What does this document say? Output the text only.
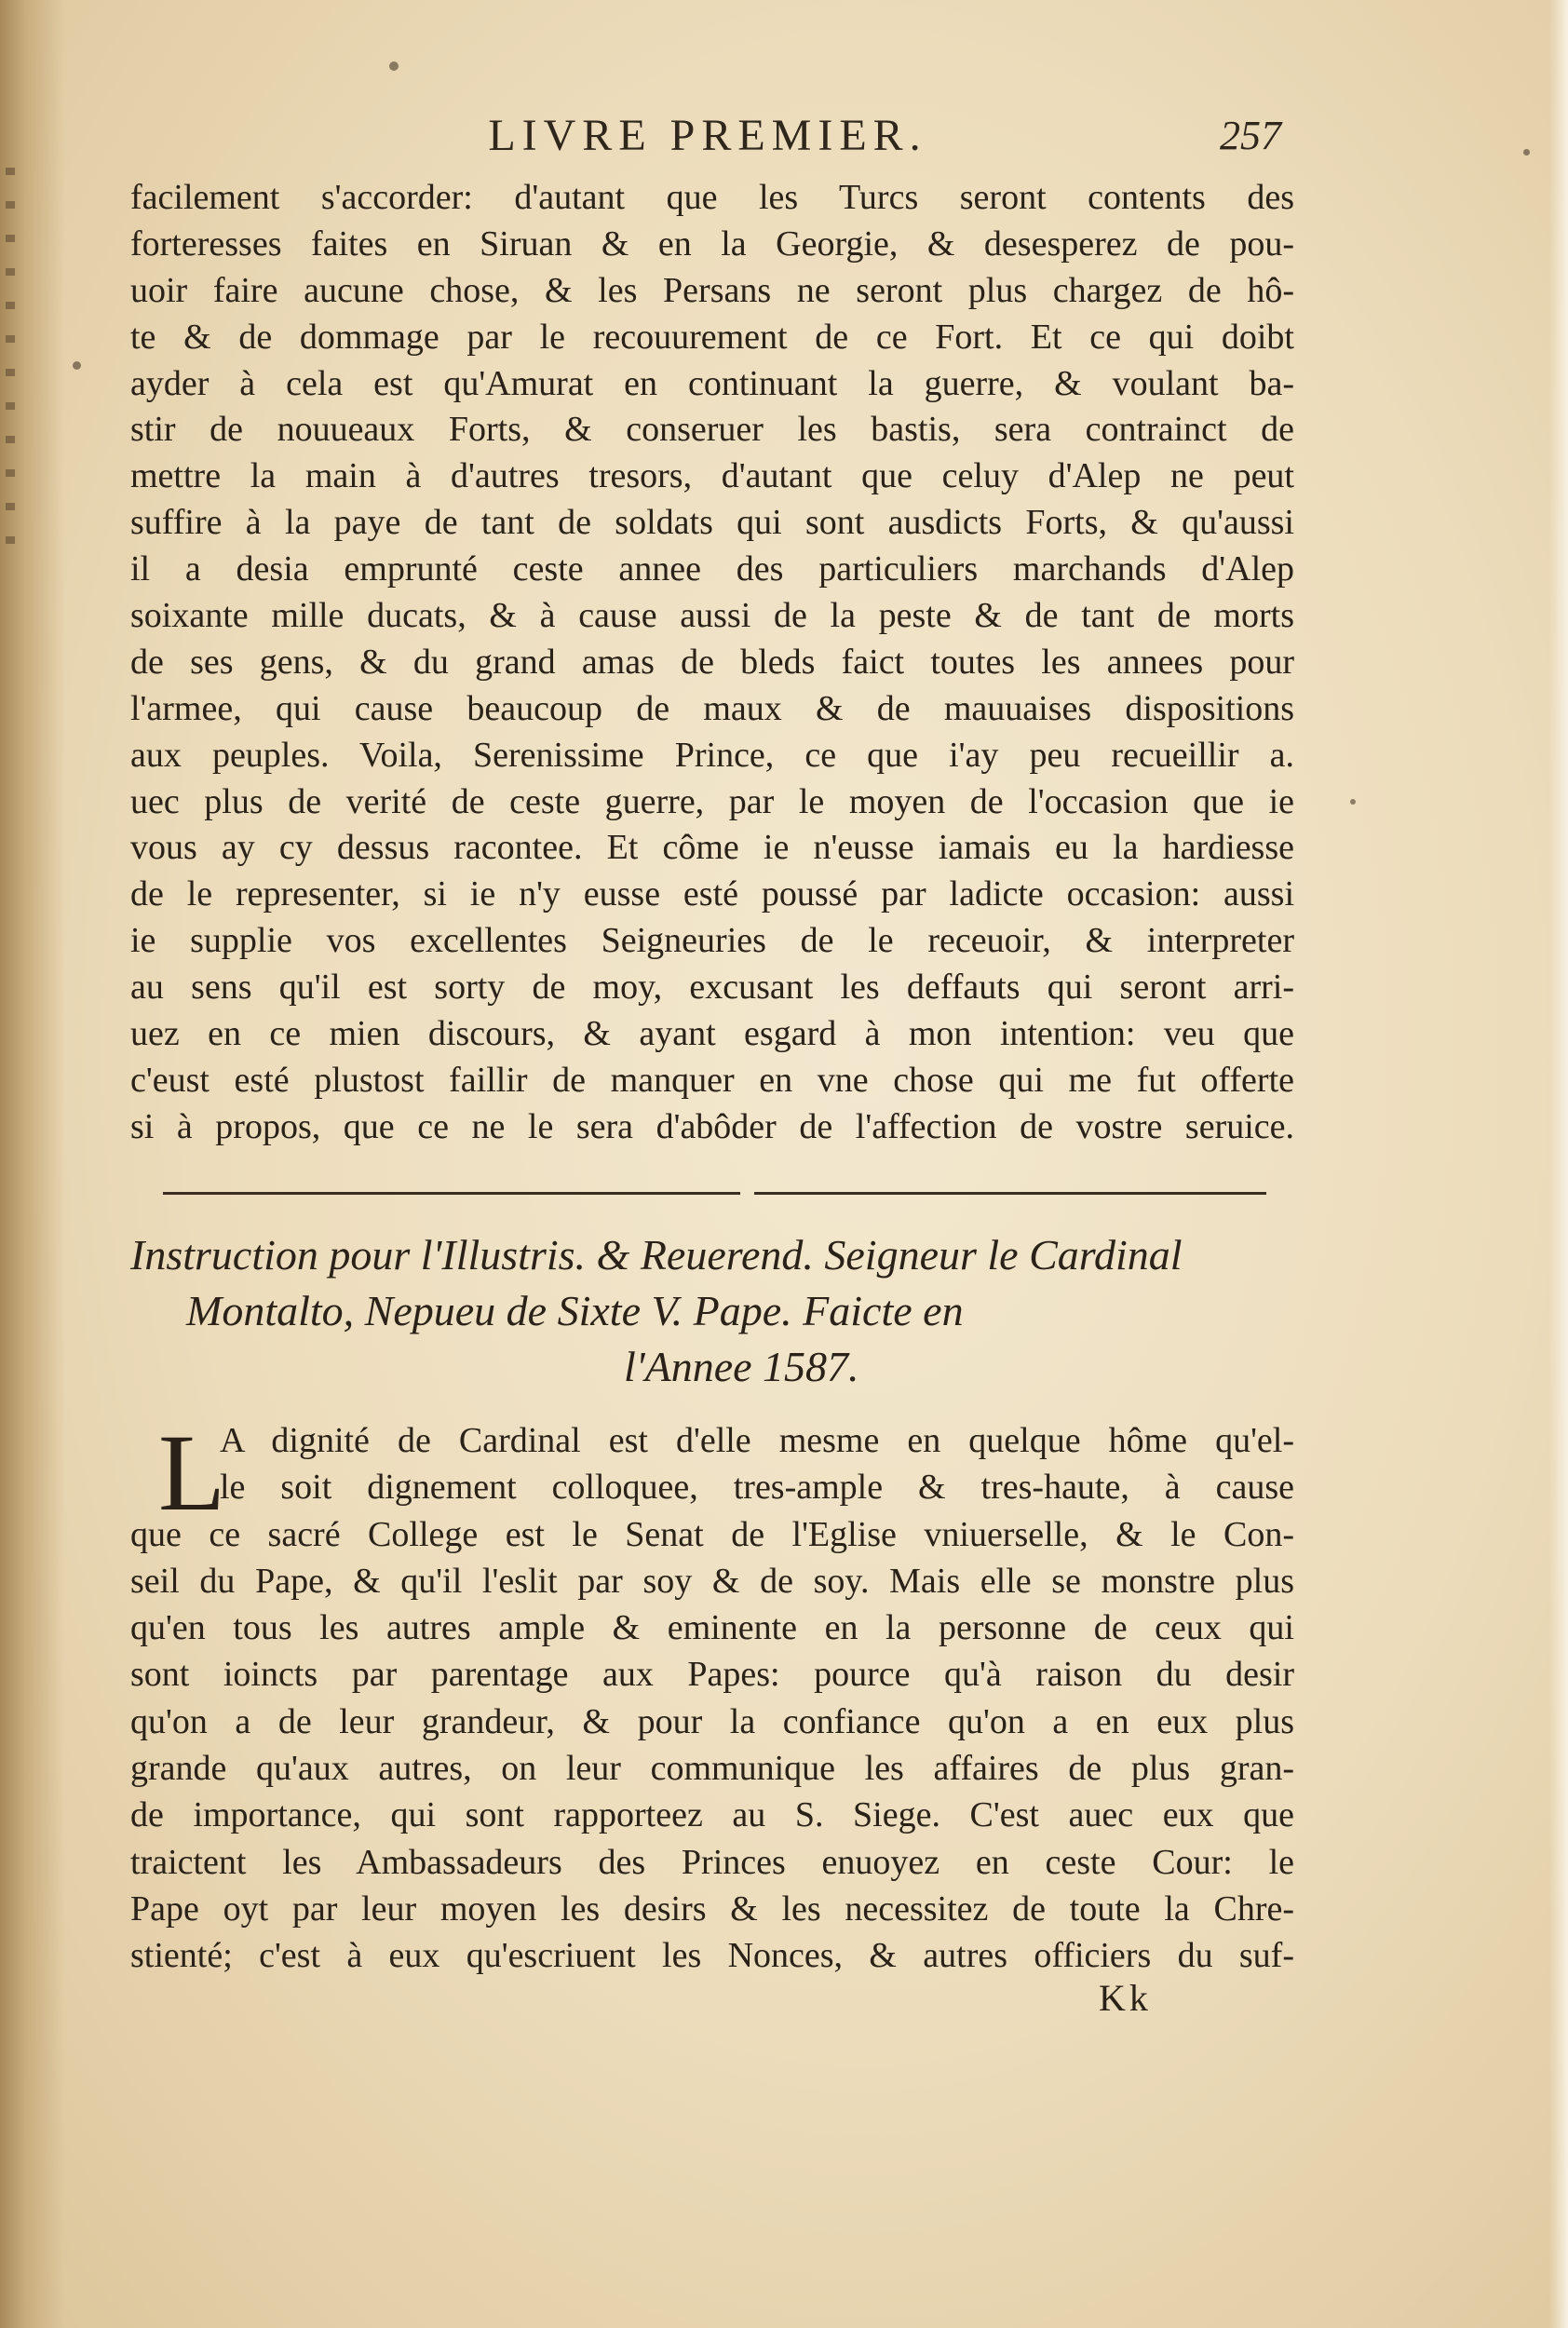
LIVRE PREMIER.	257
facilement s'accorder: d'autant que les Turcs seront contents des
forteresses faites en Siruan & en la Georgie, & desesperez de pou-
uoir faire aucune chose, & les Persans ne seront plus chargez de hô-
te & de dommage par le recouurement de ce Fort. Et ce qui doibt
ayder à cela est qu'Amurat en continuant la guerre, & voulant ba-
stir de nouueaux Forts, & conseruer les bastis, sera contrainct de
mettre la main à d'autres tresors, d'autant que celuy d'Alep ne peut
suffire à la paye de tant de soldats qui sont ausdicts Forts, & qu'aussi
il a desia emprunté ceste annee des particuliers marchands d'Alep
soixante mille ducats, & à cause aussi de la peste & de tant de morts
de ses gens, & du grand amas de bleds faict toutes les annees pour
l'armee, qui cause beaucoup de maux & de mauuaises dispositions
aux peuples. Voila, Serenissime Prince, ce que i'ay peu recueillir a.
uec plus de verité de ceste guerre, par le moyen de l'occasion que ie
vous ay cy dessus racontee. Et côme ie n'eusse iamais eu la hardiesse
de le representer, si ie n'y eusse esté poussé par ladicte occasion: aussi
ie supplie vos excellentes Seigneuries de le receuoir, & interpreter
au sens qu'il est sorty de moy, excusant les deffauts qui seront arri-
uez en ce mien discours, & ayant esgard à mon intention: veu que
c'eust esté plustost faillir de manquer en vne chose qui me fut offerte
si à propos, que ce ne le sera d'abôder de l'affection de vostre seruice.
Instruction pour l'Illustris. & Reuerend. Seigneur le Cardinal
Montalto, Nepueu de Sixte V. Pape. Faicte en
l'Annee 1587.
L
A dignité de Cardinal est d'elle mesme en quelque hôme qu'el-
le soit dignement colloquee, tres-ample & tres-haute, à cause
que ce sacré College est le Senat de l'Eglise vniuerselle, & le Con-
seil du Pape, & qu'il l'eslit par soy & de soy. Mais elle se monstre plus
qu'en tous les autres ample & eminente en la personne de ceux qui
sont ioincts par parentage aux Papes: pource qu'à raison du desir
qu'on a de leur grandeur, & pour la confiance qu'on a en eux plus
grande qu'aux autres, on leur communique les affaires de plus gran-
de importance, qui sont rapporteez au S. Siege. C'est auec eux que
traictent les Ambassadeurs des Princes enuoyez en ceste Cour: le
Pape oyt par leur moyen les desirs & les necessitez de toute la Chre-
stienté; c'est à eux qu'escriuent les Nonces, & autres officiers du suf-
Kk
